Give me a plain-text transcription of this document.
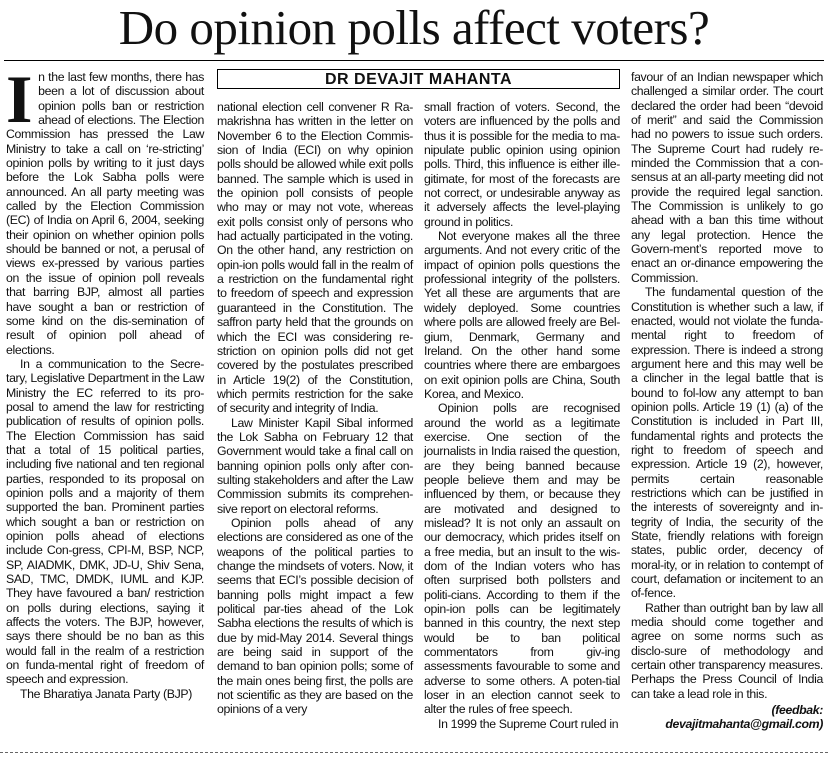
Do opinion polls affect voters?
DR DEVAJIT MAHANTA

In the last few months, there has been a lot of discussion about opinion polls ban or restriction ahead of elections. The Election Commission has pressed the Law Ministry to take a call on ‘re-stricting’ opinion polls by writing to it just days before the Lok Sabha polls were announced. An all party meeting was called by the Election Commission (EC) of India on April 6, 2004, seeking their opinion on whether opinion polls should be banned or not, a perusal of views ex-pressed by various parties on the issue of opinion poll reveals that barring BJP, almost all parties have sought a ban or restriction of some kind on the dis-semination of result of opinion poll ahead of elections.

In a communication to the Secre-tary, Legislative Department in the Law Ministry the EC referred to its pro-posal to amend the law for restricting publication of results of opinion polls. The Election Commission has said that a total of 15 political parties, including five national and ten regional parties, responded to its proposal on opinion polls and a majority of them supported the ban. Prominent parties which sought a ban or restriction on opinion polls ahead of elections include Con-gress, CPI-M, BSP, NCP, SP, AIADMK, DMK, JD-U, Shiv Sena, SAD, TMC, DMDK, IUML and KJP. They have favoured a ban/ restriction on polls during elections, saying it affects the voters. The BJP, however, says there should be no ban as this would fall in the realm of a restriction on funda-mental right of freedom of speech and expression.

The Bharatiya Janata Party (BJP)

national election cell convener R Ra-makrishna has written in the letter on November 6 to the Election Commis-sion of India (ECI) on why opinion polls should be allowed while exit polls banned. The sample which is used in the opinion poll consists of people who may or may not vote, whereas exit polls consist only of persons who had actually participated in the voting. On the other hand, any restriction on opin-ion polls would fall in the realm of a restriction on the fundamental right to freedom of speech and expression guaranteed in the Constitution. The saffron party held that the grounds on which the ECI was considering re-striction on opinion polls did not get covered by the postulates prescribed in Article 19(2) of the Constitution, which permits restriction for the sake of security and integrity of India.

Law Minister Kapil Sibal informed the Lok Sabha on February 12 that Government would take a final call on banning opinion polls only after con-sulting stakeholders and after the Law Commission submits its comprehen-sive report on electoral reforms.

Opinion polls ahead of any elections are considered as one of the weapons of the political parties to change the mindsets of voters. Now, it seems that ECI’s possible decision of banning polls might impact a few political par-ties ahead of the Lok Sabha elections the results of which is due by mid-May 2014. Several things are being said in support of the demand to ban opinion polls; some of the main ones being first, the polls are not scientific as they are based on the opinions of a very

small fraction of voters. Second, the voters are influenced by the polls and thus it is possible for the media to ma-nipulate public opinion using opinion polls. Third, this influence is either ille-gitimate, for most of the forecasts are not correct, or undesirable anyway as it adversely affects the level-playing ground in politics.

Not everyone makes all the three arguments. And not every critic of the impact of opinion polls questions the professional integrity of the pollsters. Yet all these are arguments that are widely deployed. Some countries where polls are allowed freely are Bel-gium, Denmark, Germany and Ireland. On the other hand some countries where there are embargoes on exit opinion polls are China, South Korea, and Mexico.

Opinion polls are recognised around the world as a legitimate exercise. One section of the journalists in India raised the question, are they being banned because people believe them and may be influenced by them, or because they are motivated and designed to mislead? It is not only an assault on our democracy, which prides itself on a free media, but an insult to the wis-dom of the Indian voters who has often surprised both pollsters and politi-cians. According to them if the opin-ion polls can be legitimately banned in this country, the next step would be to ban political commentators from giv-ing assessments favourable to some and adverse to some others. A poten-tial loser in an election cannot seek to alter the rules of free speech.

In 1999 the Supreme Court ruled in

favour of an Indian newspaper which challenged a similar order. The court declared the order had been “devoid of merit” and said the Commission had no powers to issue such orders. The Supreme Court had rudely re-minded the Commission that a con-sensus at an all-party meeting did not provide the required legal sanction. The Commission is unlikely to go ahead with a ban this time without any legal protection. Hence the Govern-ment’s reported move to enact an or-dinance empowering the Commission.

The fundamental question of the Constitution is whether such a law, if enacted, would not violate the funda-mental right to freedom of expression. There is indeed a strong argument here and this may well be a clincher in the legal battle that is bound to fol-low any attempt to ban opinion polls. Article 19 (1) (a) of the Constitution is included in Part III, fundamental rights and protects the right to freedom of speech and expression. Article 19 (2), however, permits certain reasonable restrictions which can be justified in the interests of sovereignty and in-tegrity of India, the security of the State, friendly relations with foreign states, public order, decency of moral-ity, or in relation to contempt of court, defamation or incitement to an of-fence.

Rather than outright ban by law all media should come together and agree on some norms such as disclo-sure of methodology and certain other transparency measures. Perhaps the Press Council of India can take a lead role in this.

(feedbak:
devajitmahanta@gmail.com)
